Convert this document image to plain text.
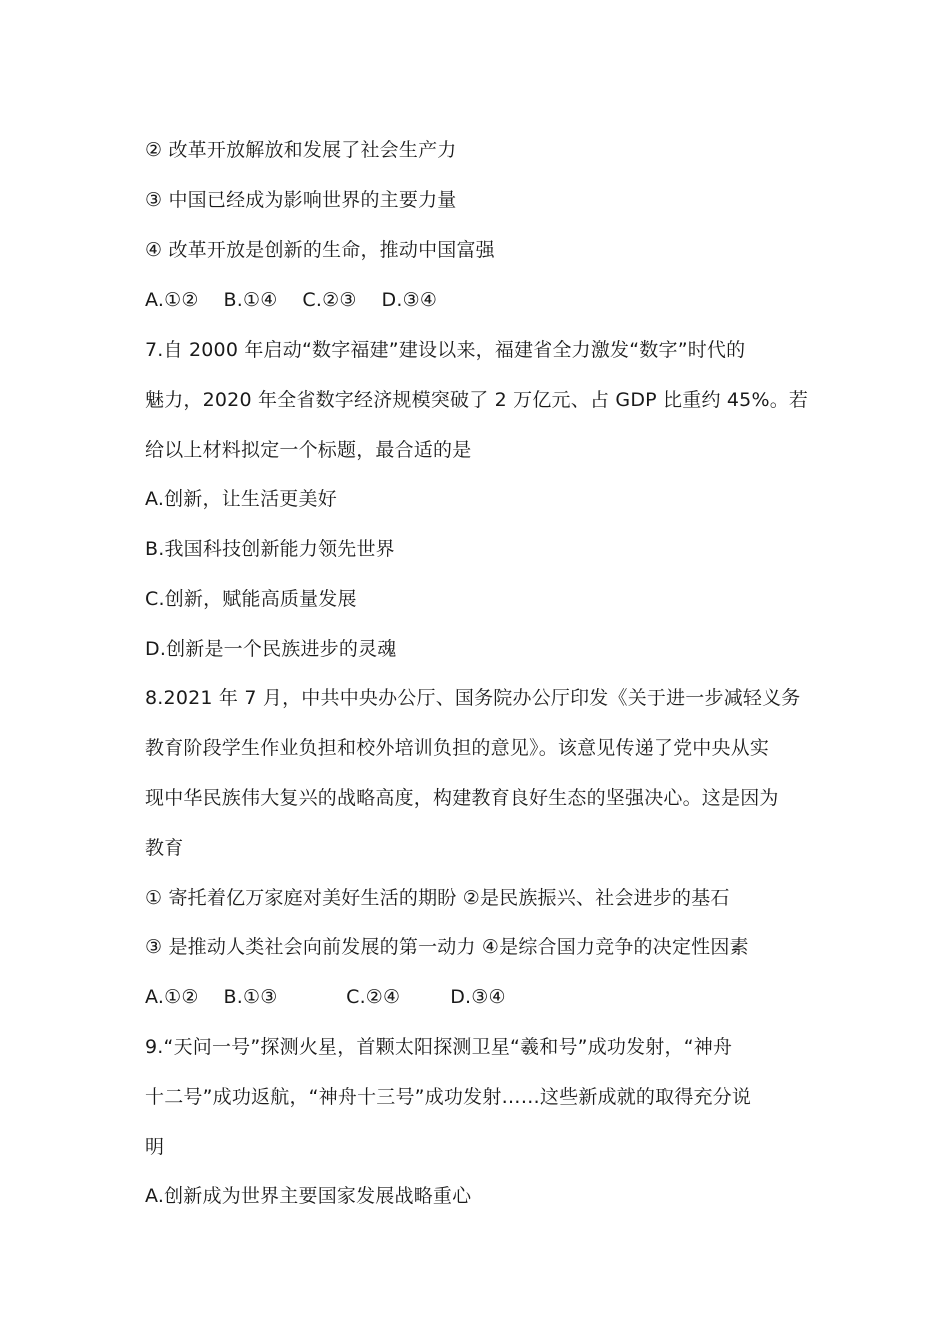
② 改革开放解放和发展了社会生产力
③ 中国已经成为影响世界的主要力量
④ 改革开放是创新的生命，推动中国富强
A.①②    B.①④    C.②③    D.③④
7.自 2000 年启动“数字福建”建设以来，福建省全力激发“数字”时代的
魅力，2020 年全省数字经济规模突破了 2 万亿元、占 GDP 比重约 45%。若
给以上材料拟定一个标题，最合适的是
A.创新，让生活更美好
B.我国科技创新能力领先世界
C.创新，赋能高质量发展
D.创新是一个民族进步的灵魂
8.2021 年 7 月，中共中央办公厅、国务院办公厅印发《关于进一步减轻义务
教育阶段学生作业负担和校外培训负担的意见》。该意见传递了党中央从实
现中华民族伟大复兴的战略高度，构建教育良好生态的坚强决心。这是因为
教育
① 寄托着亿万家庭对美好生活的期盼 ②是民族振兴、社会进步的基石
③ 是推动人类社会向前发展的第一动力 ④是综合国力竞争的决定性因素
A.①②    B.①③           C.②④        D.③④
9.“天问一号”探测火星，首颗太阳探测卫星“羲和号”成功发射，“神舟
十二号”成功返航，“神舟十三号”成功发射……这些新成就的取得充分说
明
A.创新成为世界主要国家发展战略重心
